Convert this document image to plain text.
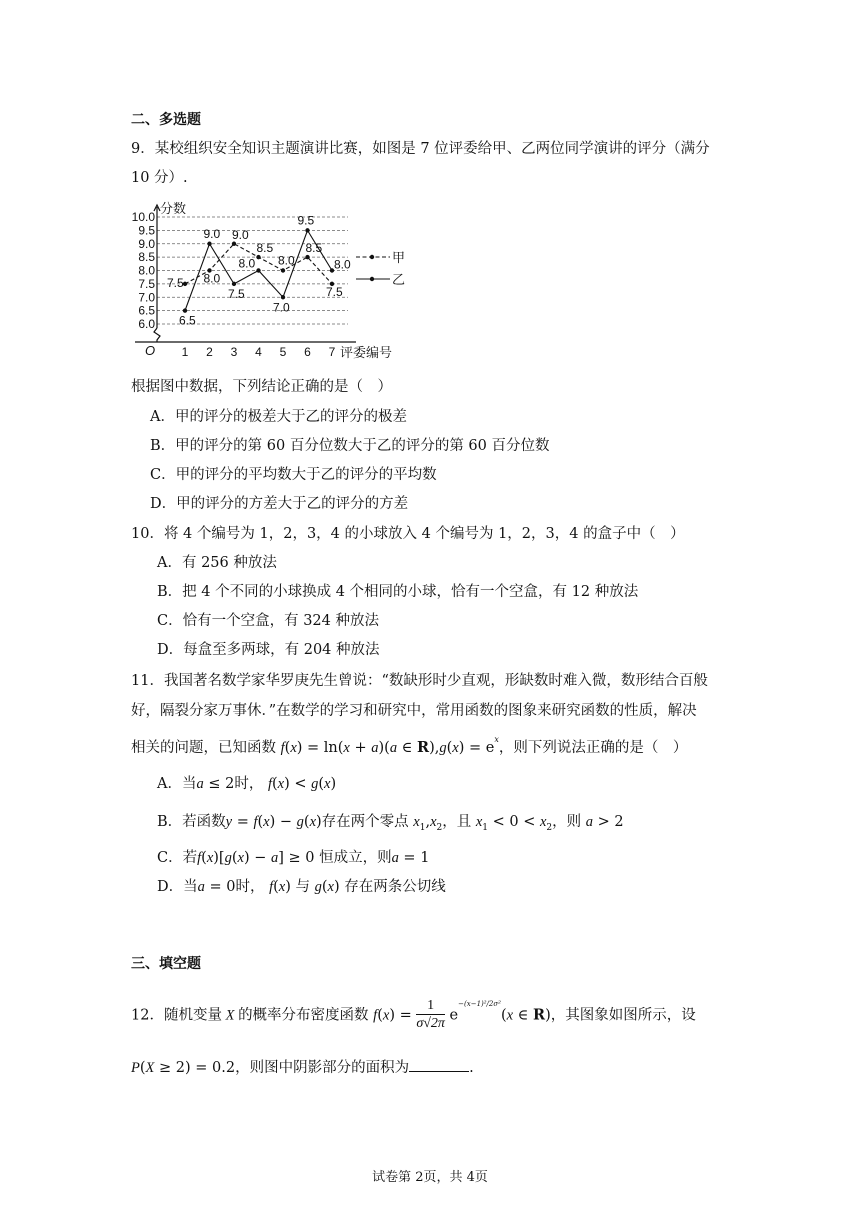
二、多选题
9．某校组织安全知识主题演讲比赛，如图是 7 位评委给甲、乙两位同学演讲的评分（满分
10 分）.
10.0
9.5
9.0
8.5
8.0
7.5
7.0
6.5
6.0
分数
O 1 2 3 4 5 6 7 评委编号
7.5 8.0
9.0
8.5
8.0
8.5
7.5
6.5
9.0
7.5
8.0
7.0
9.5
8.0	甲
乙
根据图中数据，下列结论正确的是（　）
A．甲的评分的极差大于乙的评分的极差
B．甲的评分的第 60 百分位数大于乙的评分的第 60 百分位数
C．甲的评分的平均数大于乙的评分的平均数
D．甲的评分的方差大于乙的评分的方差
10．将 4 个编号为 1，2，3，4 的小球放入 4 个编号为 1，2，3，4 的盒子中（　）
A．有 256 种放法
B．把 4 个不同的小球换成 4 个相同的小球，恰有一个空盒，有 12 种放法
C．恰有一个空盒，有 324 种放法
D．每盒至多两球，有 204 种放法
11．我国著名数学家华罗庚先生曾说：“数缺形时少直观，形缺数时难入微，数形结合百般
好，隔裂分家万事休．”在数学的学习和研究中，常用函数的图象来研究函数的性质，解决
相关的问题，已知函数 f(x) = ln(x + a)(a ∈ $R),g(x) = e^x$，则下列说法正确的是（　）
A．当a ≤ 2时， f(x) < g(x)
B．若函数y = f(x) − g(x)存在两个零点 $x_1,x_2$，且 $x_1 < 0 < x_2$，则 a > 2
C．若f(x)[g(x) − a] ≥ 0 恒成立，则a = 1
D．当a = 0时， f(x) 与 g(x) 存在两条公切线
三、填空题
12．随机变量 X 的概率分布密度函数 $f(x) = \frac{1}{\sigma√2\pi} e^{-(x-1)^2/2\sigma^2}(x$ ∈ R)，其图象如图所示，设
P(X ≥ 2) = 0.2，则图中阴影部分的面积为	.
试卷第 2页，共 4页
